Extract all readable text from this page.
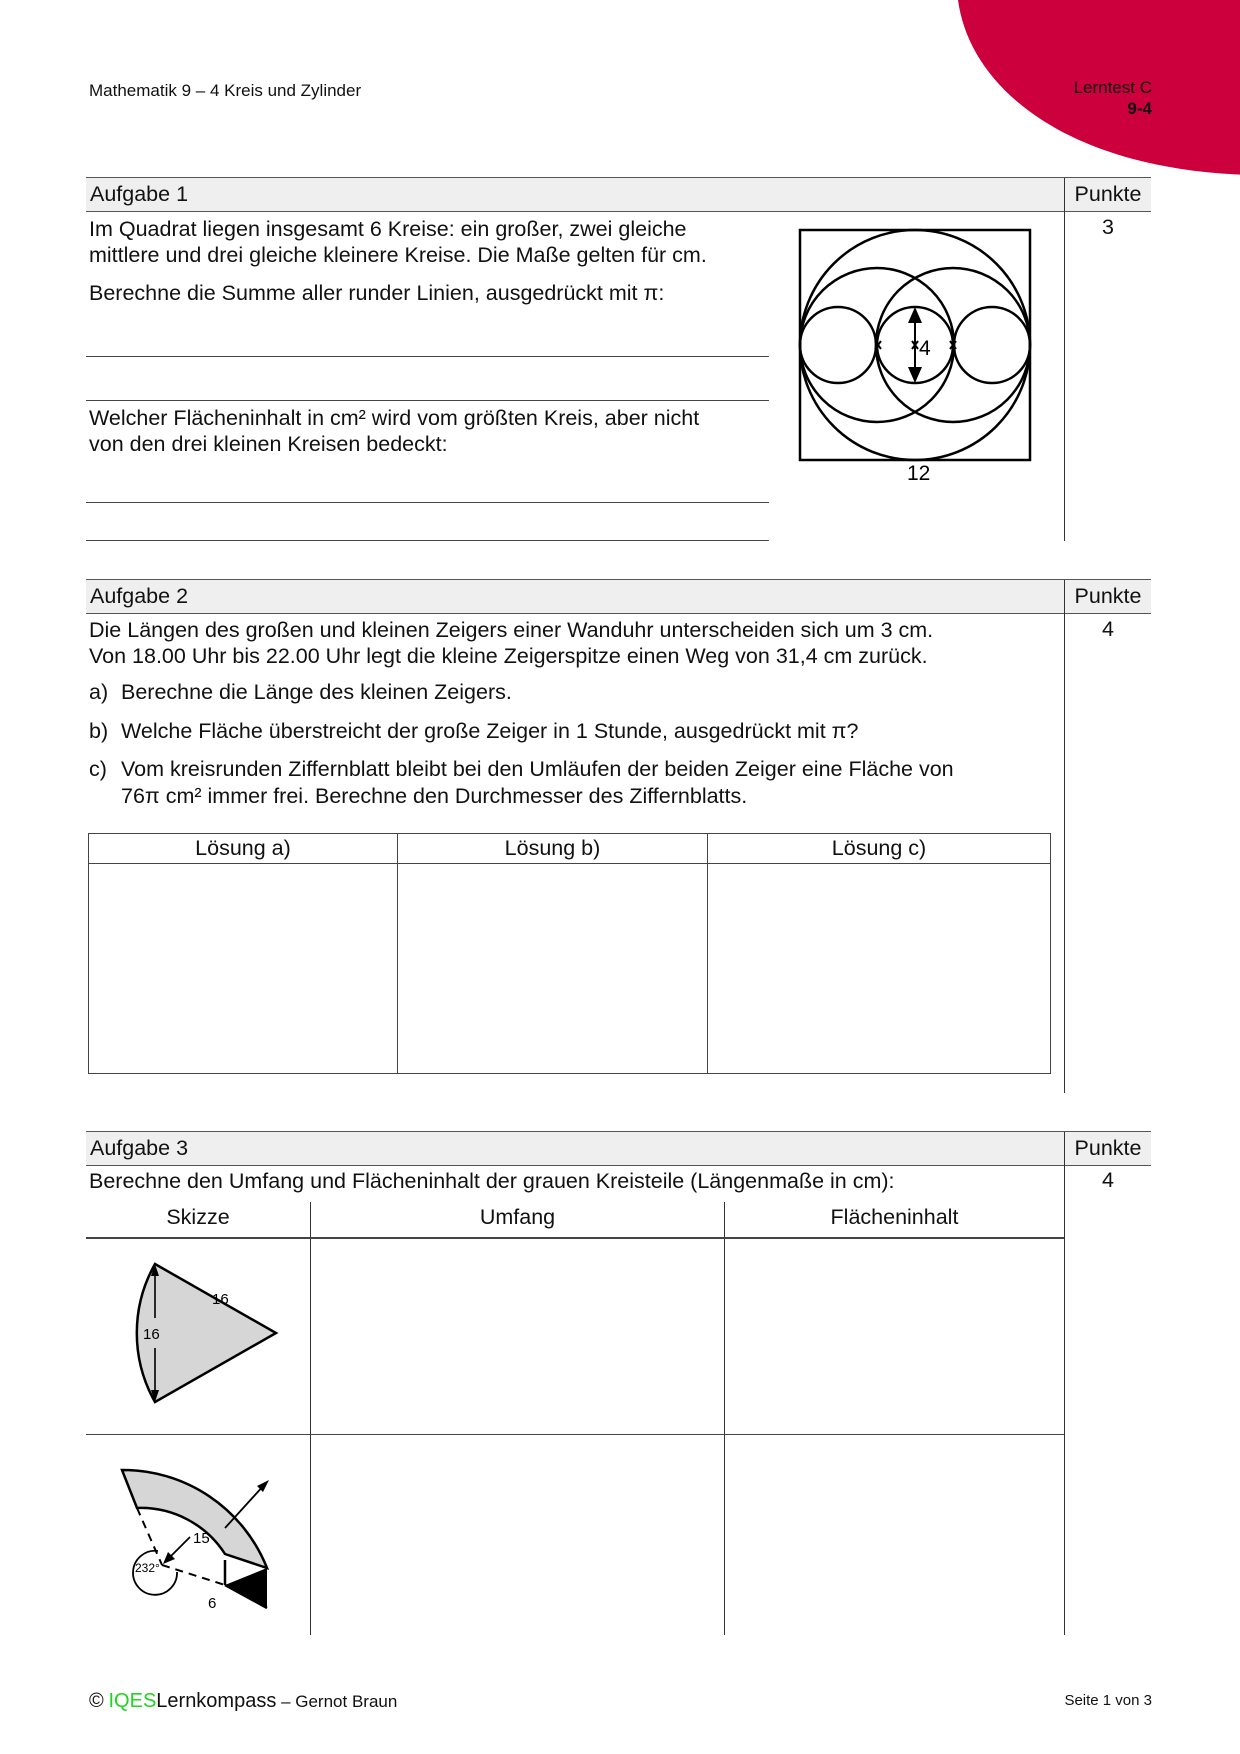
Mathematik 9 – 4 Kreis und Zylinder	Lerntest C
9-4
Aufgabe 1	Punkte
3
Im Quadrat liegen insgesamt 6 Kreise: ein großer, zwei gleiche
mittlere und drei gleiche kleinere Kreise. Die Maße gelten für cm.
Berechne die Summe aller runder Linien, ausgedrückt mit π:
Welcher Flächeninhalt in cm² wird vom größten Kreis, aber nicht
von den drei kleinen Kreisen bedeckt:
4
12
Aufgabe 2	Punkte
4
Die Längen des großen und kleinen Zeigers einer Wanduhr unterscheiden sich um 3 cm.
Von 18.00 Uhr bis 22.00 Uhr legt die kleine Zeigerspitze einen Weg von 31,4 cm zurück.
a) Berechne die Länge des kleinen Zeigers.
b) Welche Fläche überstreicht der große Zeiger in 1 Stunde, ausgedrückt mit π?
c) Vom kreisrunden Ziffernblatt bleibt bei den Umläufen der beiden Zeiger eine Fläche von
76π cm² immer frei. Berechne den Durchmesser des Ziffernblatts.
Lösung a)	Lösung b)	Lösung c)

Aufgabe 3	Punkte
4
Berechne den Umfang und Flächeninhalt der grauen Kreisteile (Längenmaße in cm):
Skizze	Umfang	Flächeninhalt
16
16
15
6
232°
© IQESLernkompass – Gernot Braun	Seite 1 von 3
